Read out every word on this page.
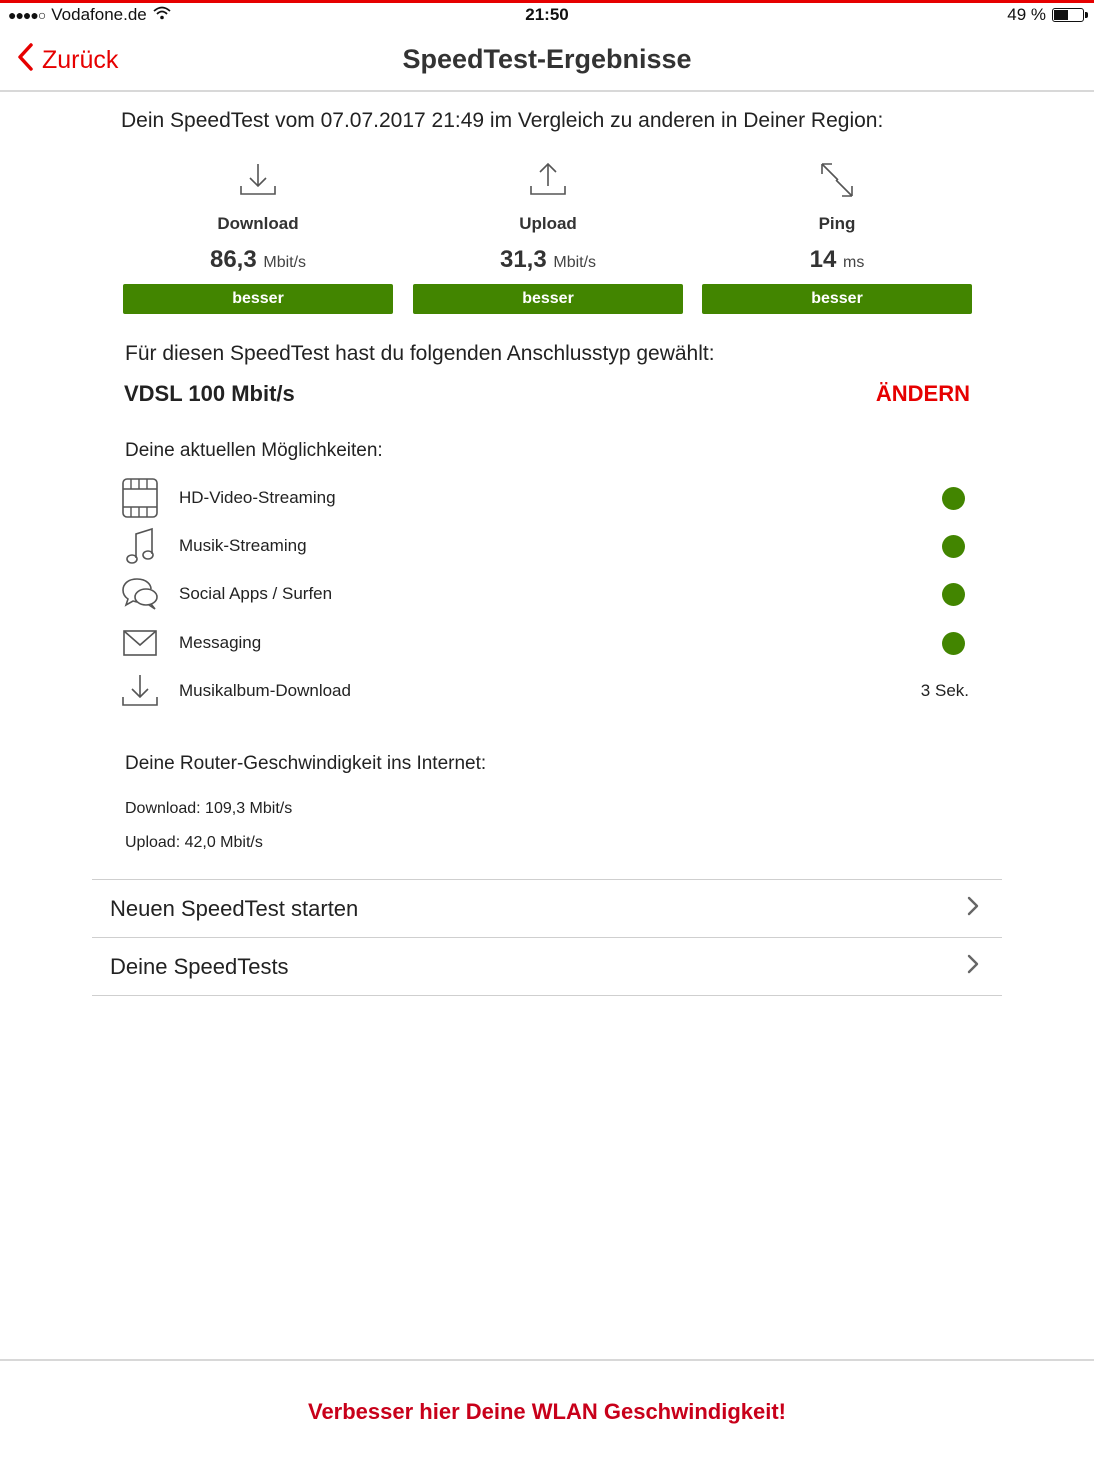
●●●●○ Vodafone.de	21:50	49 %
Zurück	SpeedTest-Ergebnisse
Dein SpeedTest vom 07.07.2017 21:49 im Vergleich zu anderen in Deiner Region:
Download
86,3 Mbit/s
besser
Upload
31,3 Mbit/s
besser
Ping
14 ms
besser
Für diesen SpeedTest hast du folgenden Anschlusstyp gewählt:
VDSL 100 Mbit/s	ÄNDERN
Deine aktuellen Möglichkeiten:
HD-Video-Streaming
Musik-Streaming
Social Apps / Surfen
Messaging
Musikalbum-Download	3 Sek.
Deine Router-Geschwindigkeit ins Internet:
Download: 109,3 Mbit/s
Upload: 42,0 Mbit/s
Neuen SpeedTest starten
Deine SpeedTests
Verbesser hier Deine WLAN Geschwindigkeit!
